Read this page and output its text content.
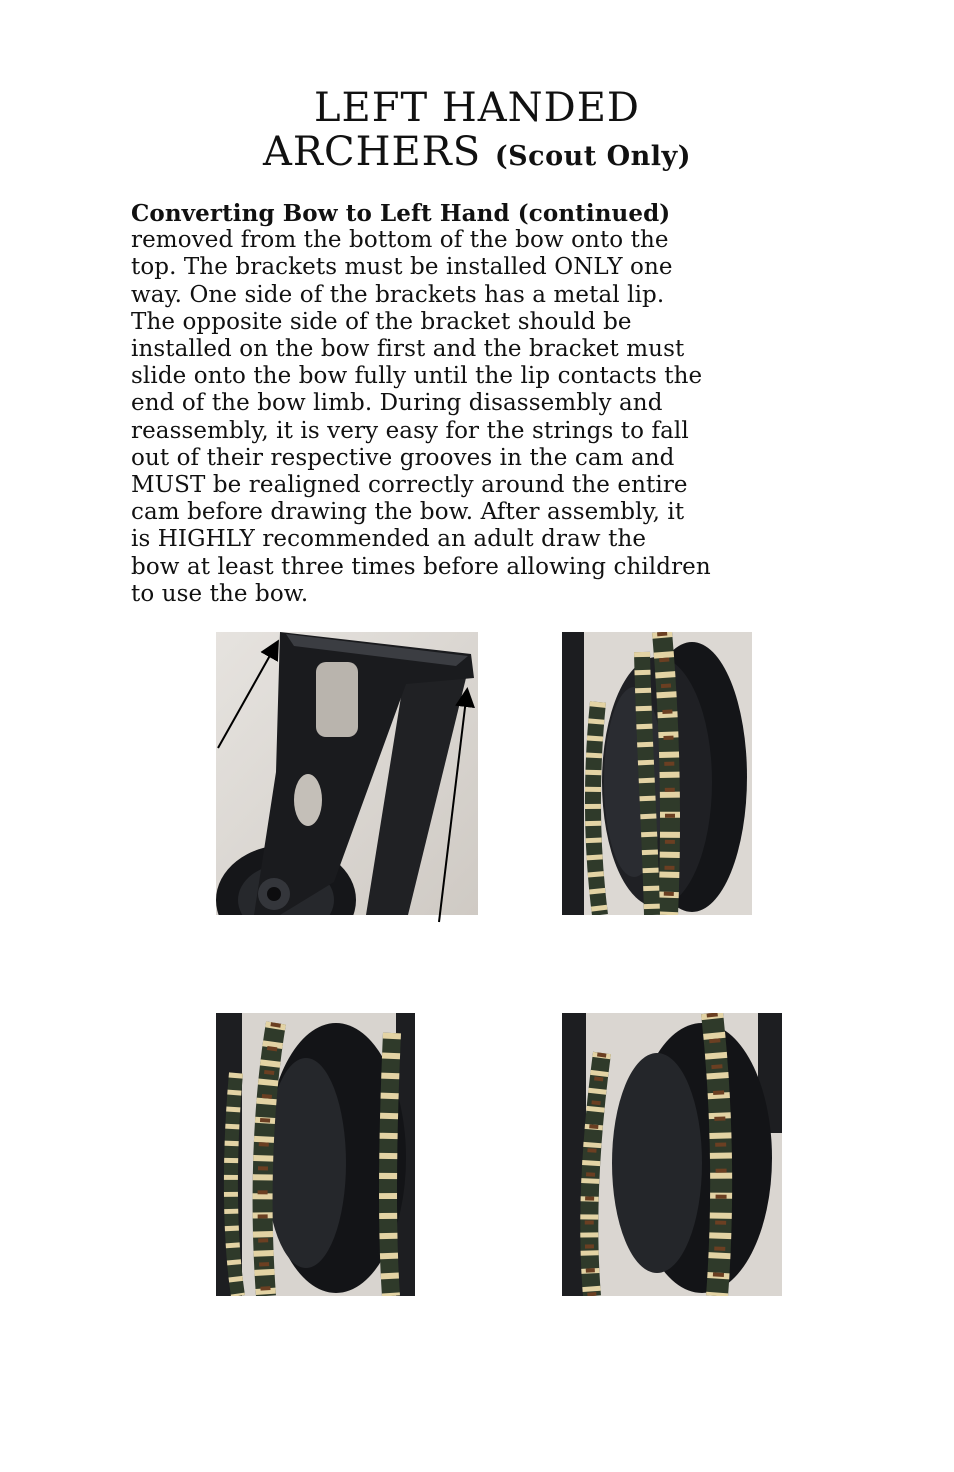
LEFT HANDED
ARCHERS (Scout Only)

Converting Bow to Left Hand (continued)
removed from the bottom of the bow onto the
top. The brackets must be installed ONLY one
way. One side of the brackets has a metal lip.
The opposite side of the bracket should be
installed on the bow first and the bracket must
slide onto the bow fully until the lip contacts the
end of the bow limb. During disassembly and
reassembly, it is very easy for the strings to fall
out of their respective grooves in the cam and
MUST be realigned correctly around the entire
cam before drawing the bow. After assembly, it
is HIGHLY recommended an adult draw the
bow at least three times before allowing children
to use the bow.
